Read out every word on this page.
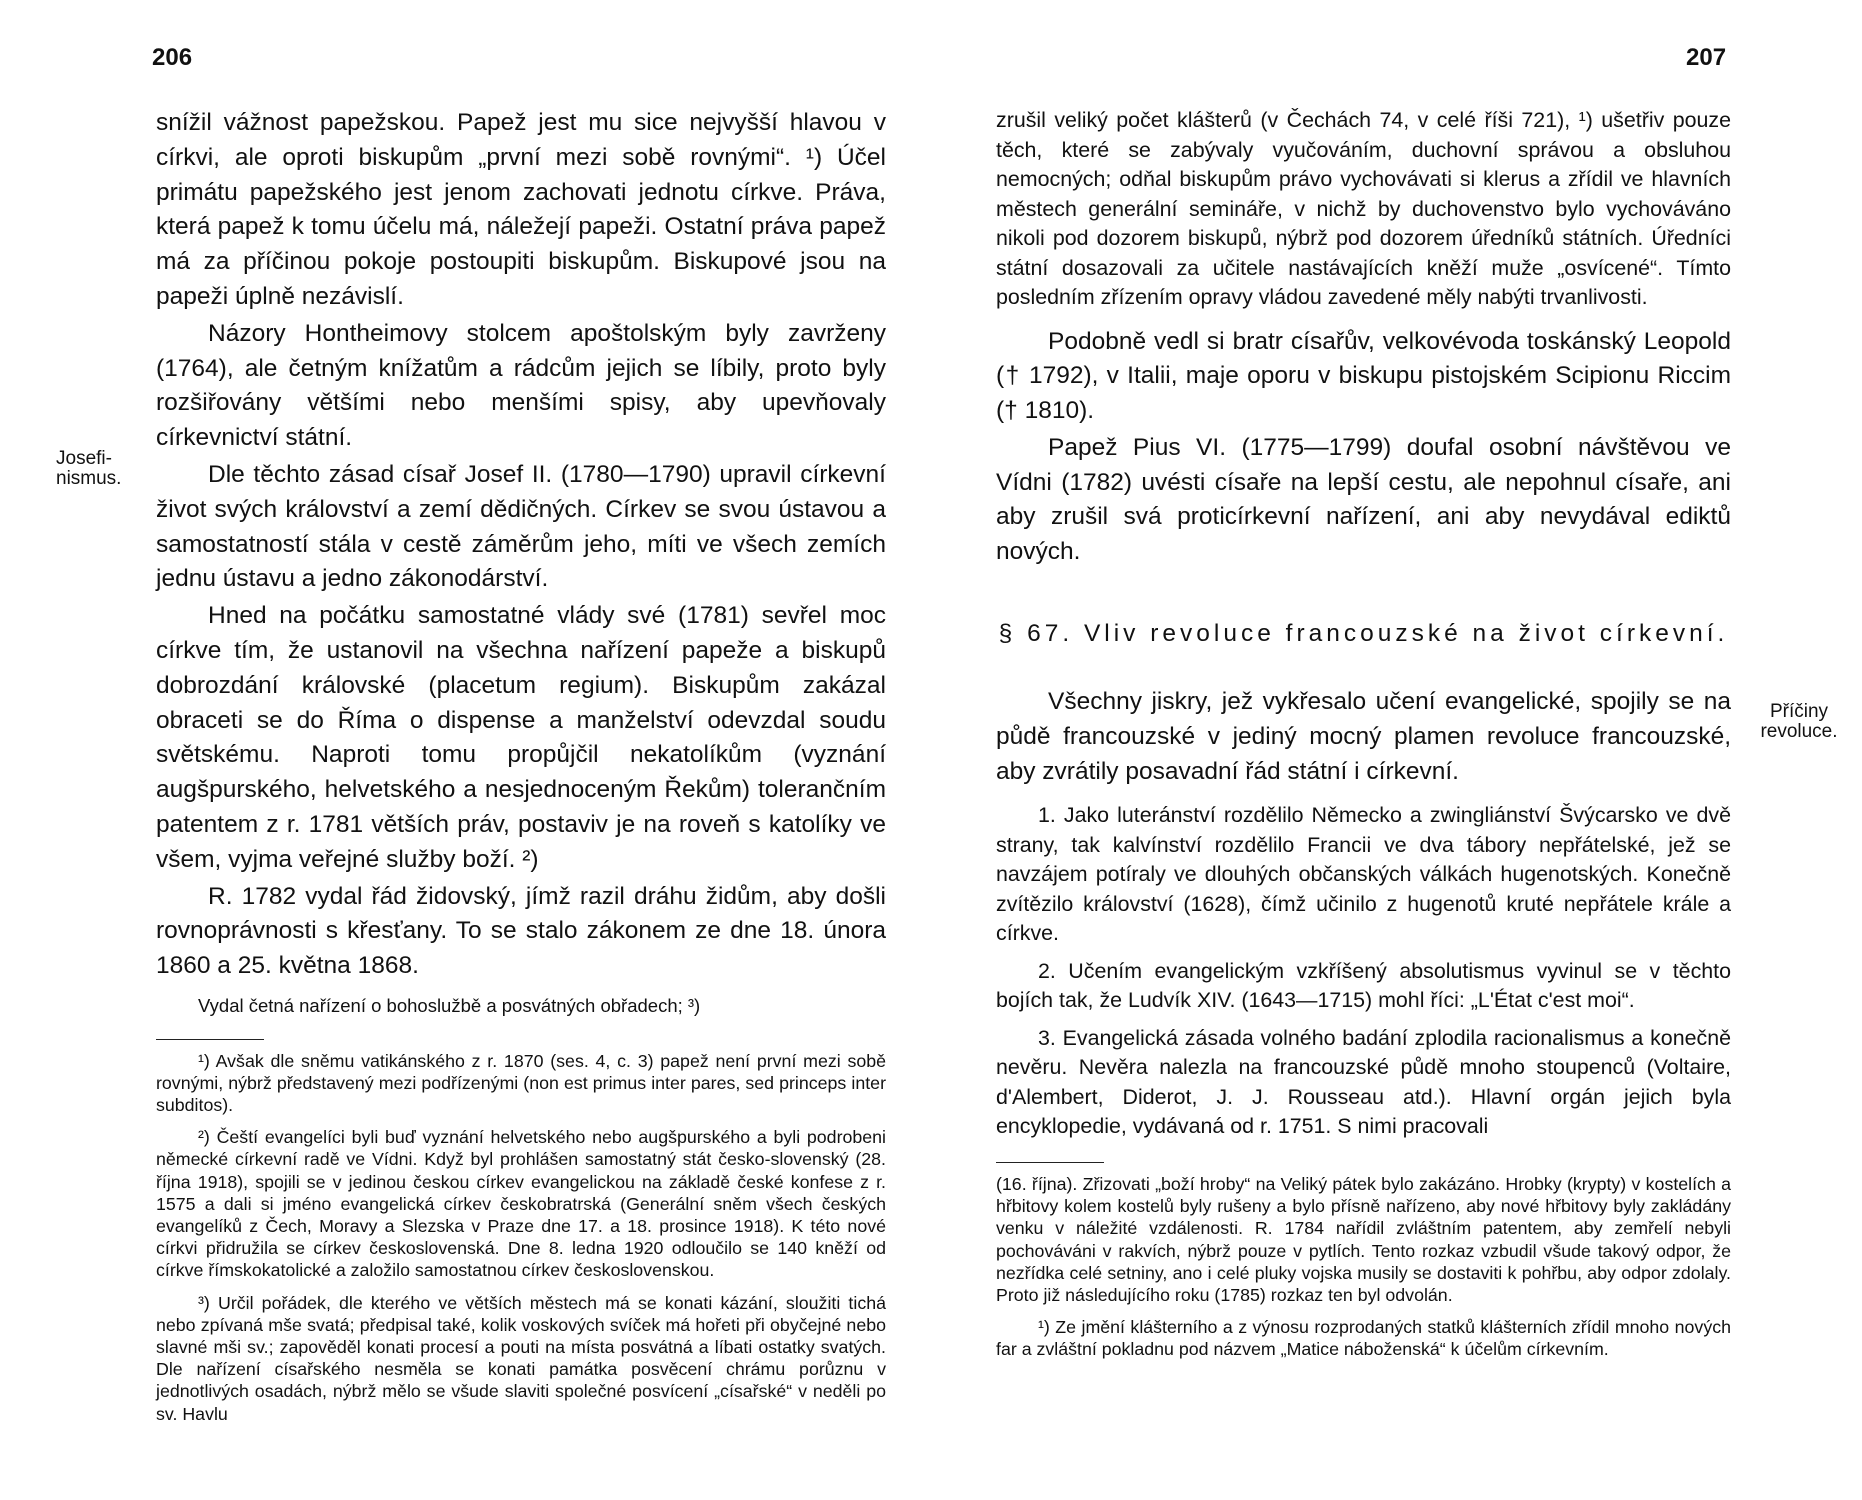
206
Josefi-
nismus.

snížil vážnost papežskou. Papež jest mu sice nejvyšší hlavou v církvi, ale oproti biskupům „první mezi sobě rovnými“. ¹) Účel primátu papežského jest jenom zachovati jednotu církve. Práva, která papež k tomu účelu má, náležejí papeži. Ostatní práva papež má za příčinou pokoje postoupiti biskupům. Biskupové jsou na papeži úplně nezávislí.

Názory Hontheimovy stolcem apoštolským byly zavrženy (1764), ale četným knížatům a rádcům jejich se líbily, proto byly rozšiřovány většími nebo menšími spisy, aby upevňovaly církevnictví státní.

Dle těchto zásad císař Josef II. (1780—1790) upravil církevní život svých království a zemí dědičných. Církev se svou ústavou a samostatností stála v cestě záměrům jeho, míti ve všech zemích jednu ústavu a jedno zákonodárství.

Hned na počátku samostatné vlády své (1781) sevřel moc církve tím, že ustanovil na všechna nařízení papeže a biskupů dobrozdání královské (placetum regium). Biskupům zakázal obraceti se do Říma o dispense a manželství odevzdal soudu světskému. Naproti tomu propůjčil nekatolíkům (vyznání augšpurského, helvetského a nesjednoceným Řekům) tolerančním patentem z r. 1781 větších práv, postaviv je na roveň s katolíky ve všem, vyjma veřejné služby boží. ²)

R. 1782 vydal řád židovský, jímž razil dráhu židům, aby došli rovnoprávnosti s křesťany. To se stalo zákonem ze dne 18. února 1860 a 25. května 1868.

Vydal četná nařízení o bohoslužbě a posvátných obřadech; ³)

¹) Avšak dle sněmu vatikánského z r. 1870 (ses. 4, c. 3) papež není první mezi sobě rovnými, nýbrž představený mezi podřízenými (non est primus inter pares, sed princeps inter subditos).

²) Čeští evangelíci byli buď vyznání helvetského nebo augšpurského a byli podrobeni německé církevní radě ve Vídni. Když byl prohlášen samostatný stát česko-slovenský (28. října 1918), spojili se v jedinou českou církev evangelickou na základě české konfese z r. 1575 a dali si jméno evangelická církev českobratrská (Generální sněm všech českých evangelíků z Čech, Moravy a Slezska v Praze dne 17. a 18. prosince 1918). K této nové církvi přidružila se církev československá. Dne 8. ledna 1920 odloučilo se 140 kněží od církve římskokatolické a založilo samostatnou církev československou.

³) Určil pořádek, dle kterého ve větších městech má se konati kázání, sloužiti tichá nebo zpívaná mše svatá; předpisal také, kolik voskových svíček má hořeti při obyčejné nebo slavné mši sv.; zapověděl konati procesí a pouti na místa posvátná a líbati ostatky svatých. Dle nařízení císařského nesměla se konati památka posvěcení chrámu porůznu v jednotlivých osadách, nýbrž mělo se všude slaviti společné posvícení „císařské“ v neděli po sv. Havlu

207
Příčiny
revoluce.

zrušil veliký počet klášterů (v Čechách 74, v celé říši 721), ¹) ušetřiv pouze těch, které se zabývaly vyučováním, duchovní správou a obsluhou nemocných; odňal biskupům právo vychovávati si klerus a zřídil ve hlavních městech generální semináře, v nichž by duchovenstvo bylo vychováváno nikoli pod dozorem biskupů, nýbrž pod dozorem úředníků státních. Úředníci státní dosazovali za učitele nastávajících kněží muže „osvícené“. Tímto posledním zřízením opravy vládou zavedené měly nabýti trvanlivosti.

Podobně vedl si bratr císařův, velkovévoda toskánský Leopold († 1792), v Italii, maje oporu v biskupu pistojském Scipionu Riccim († 1810).

Papež Pius VI. (1775—1799) doufal osobní návštěvou ve Vídni (1782) uvésti císaře na lepší cestu, ale nepohnul císaře, ani aby zrušil svá proticírkevní nařízení, ani aby nevydával ediktů nových.

§ 67. Vliv revoluce francouzské na život církevní.

Všechny jiskry, jež vykřesalo učení evangelické, spojily se na půdě francouzské v jediný mocný plamen revoluce francouzské, aby zvrátily posavadní řád státní i církevní.

1. Jako luteránství rozdělilo Německo a zwingliánství Švýcarsko ve dvě strany, tak kalvínství rozdělilo Francii ve dva tábory nepřátelské, jež se navzájem potíraly ve dlouhých občanských válkách hugenotských. Konečně zvítězilo království (1628), čímž učinilo z hugenotů kruté nepřátele krále a církve.

2. Učením evangelickým vzkříšený absolutismus vyvinul se v těchto bojích tak, že Ludvík XIV. (1643—1715) mohl říci: „L'État c'est moi“.

3. Evangelická zásada volného badání zplodila racionalismus a konečně nevěru. Nevěra nalezla na francouzské půdě mnoho stoupenců (Voltaire, d'Alembert, Diderot, J. J. Rousseau atd.). Hlavní orgán jejich byla encyklopedie, vydávaná od r. 1751. S nimi pracovali

(16. října). Zřizovati „boží hroby“ na Veliký pátek bylo zakázáno. Hrobky (krypty) v kostelích a hřbitovy kolem kostelů byly rušeny a bylo přísně nařízeno, aby nové hřbitovy byly zakládány venku v náležité vzdálenosti. R. 1784 nařídil zvláštním patentem, aby zemřelí nebyli pochováváni v rakvích, nýbrž pouze v pytlích. Tento rozkaz vzbudil všude takový odpor, že nezřídka celé setniny, ano i celé pluky vojska musily se dostaviti k pohřbu, aby odpor zdolaly. Proto již následujícího roku (1785) rozkaz ten byl odvolán.

¹) Ze jmění klášterního a z výnosu rozprodaných statků klášterních zřídil mnoho nových far a zvláštní pokladnu pod názvem „Matice náboženská“ k účelům církevním.
